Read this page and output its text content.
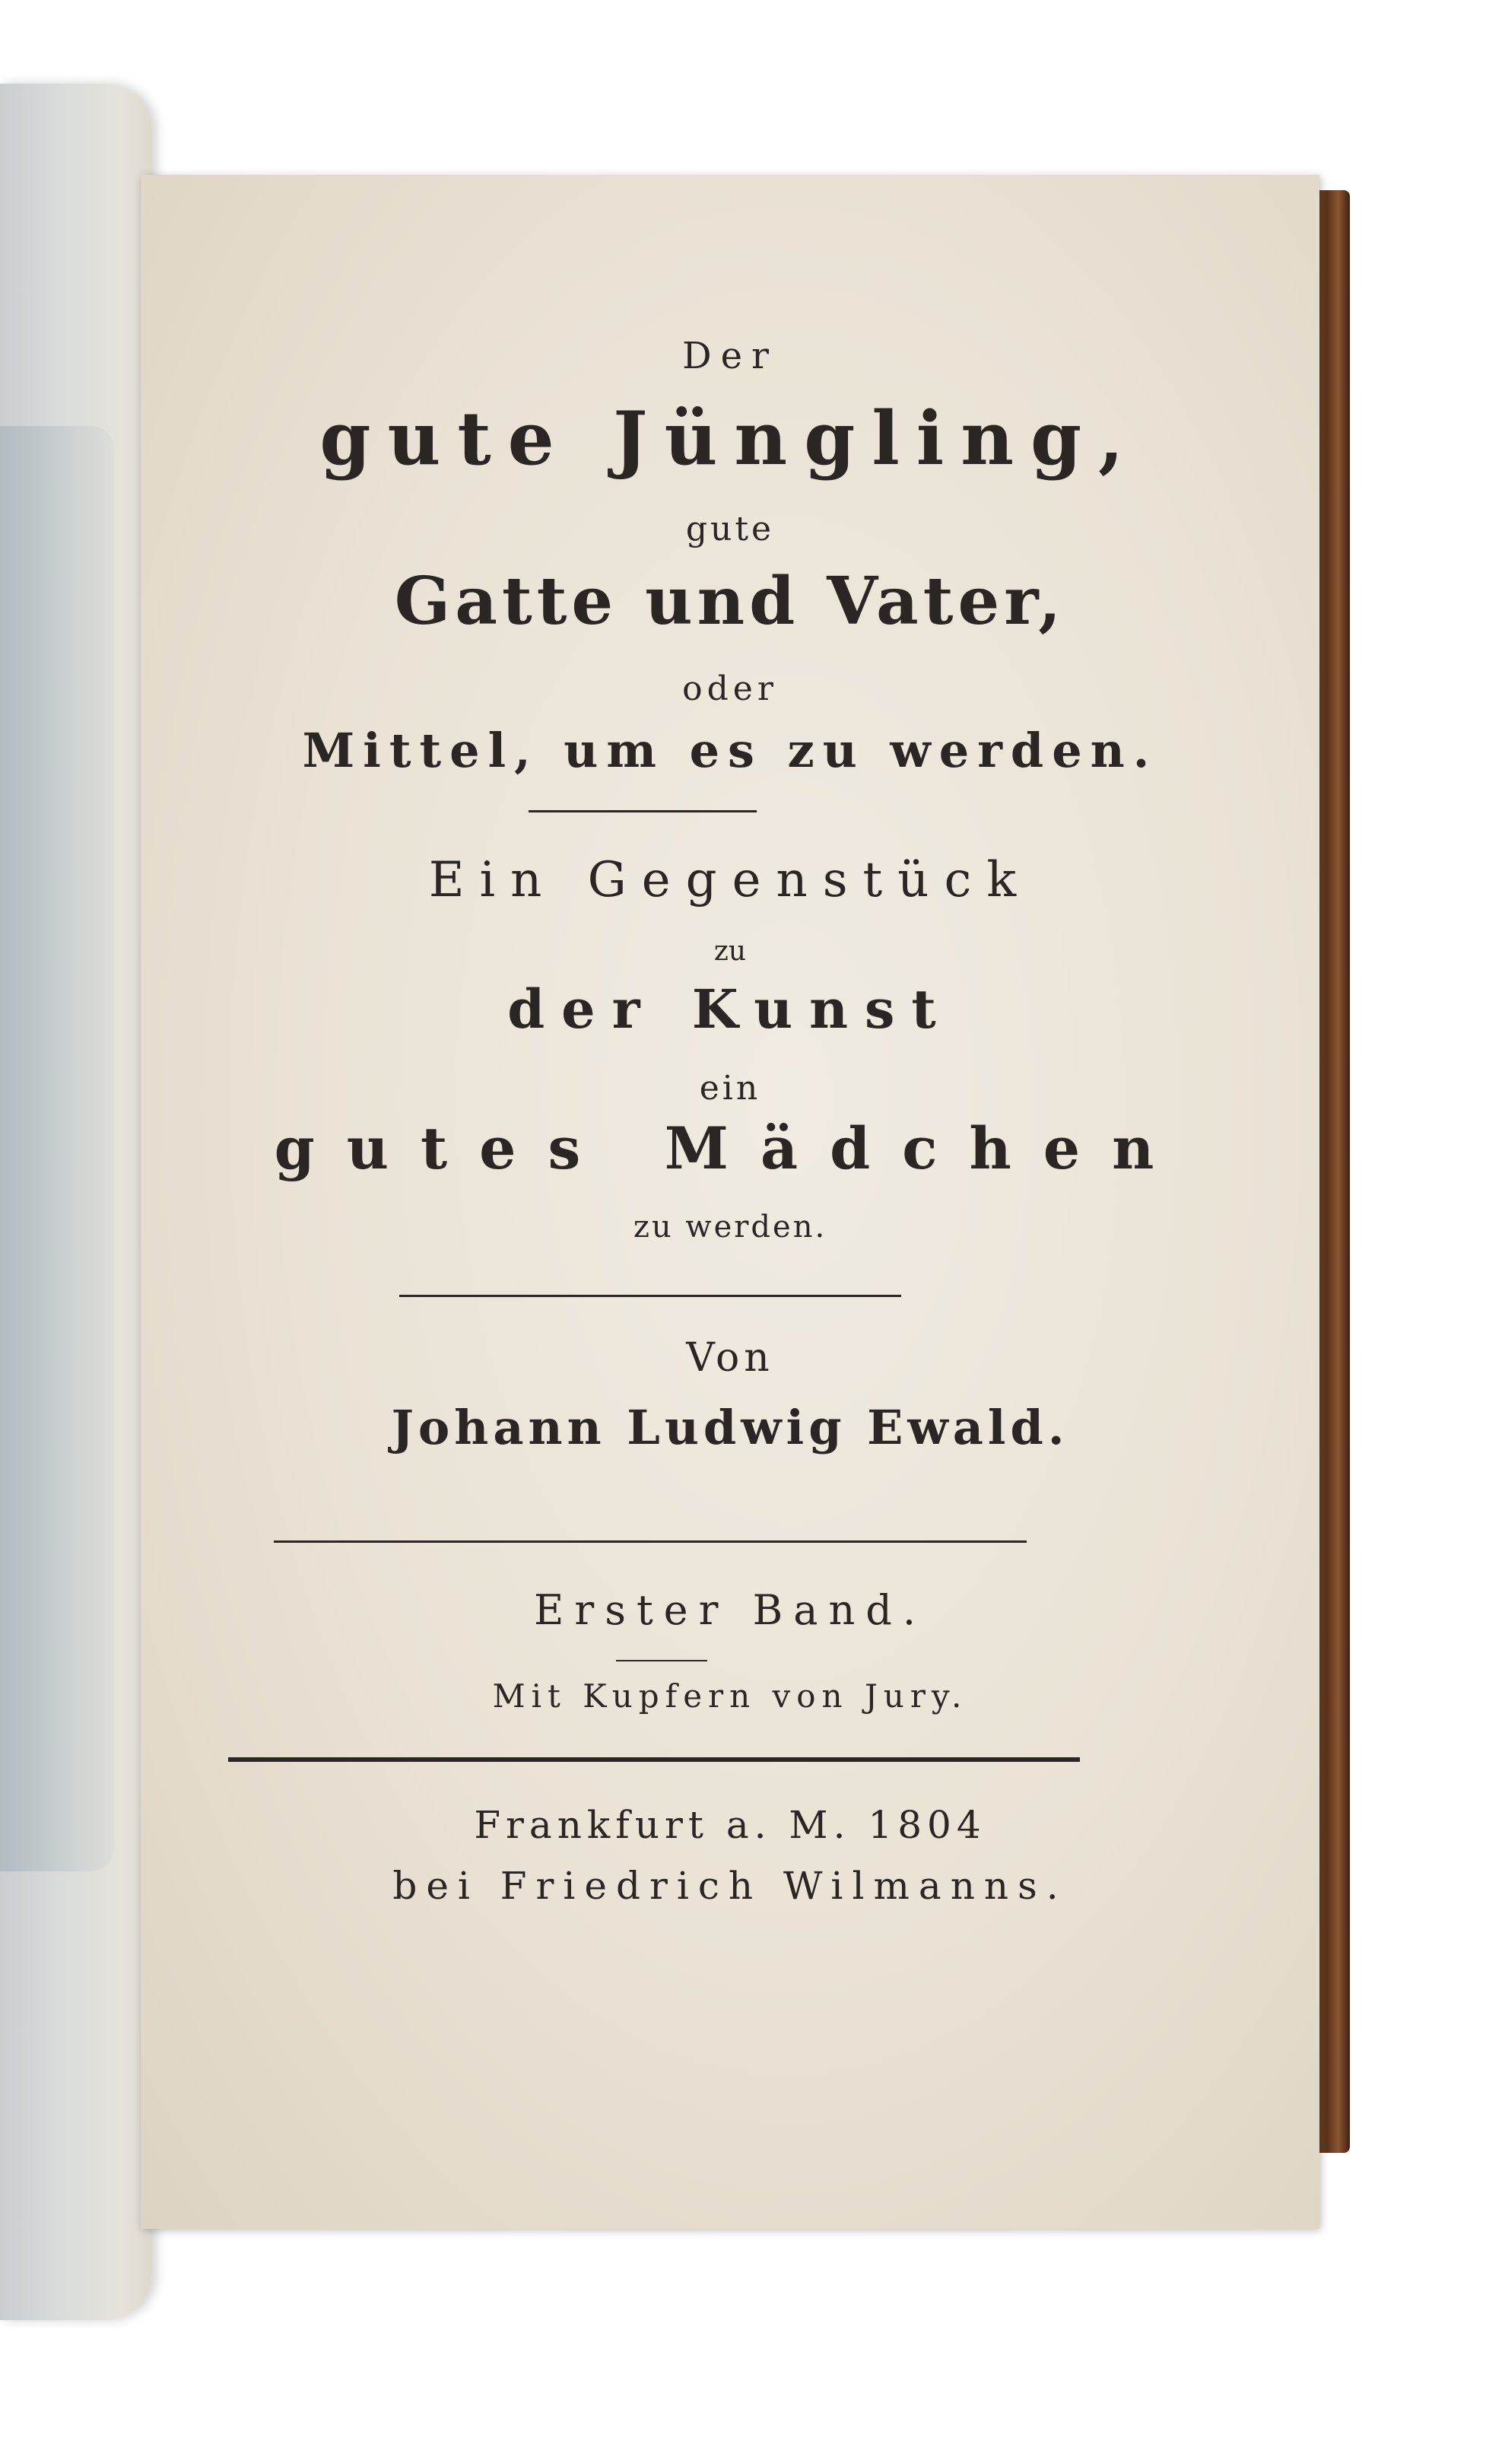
Der
gute Jüngling,
gute
Gatte und Vater,
oder
Mittel, um es zu werden.
Ein Gegenstück
zu
der Kunst
ein
gutes Mädchen
zu werden.
Von
Johann Ludwig Ewald.
Erster Band.
Mit Kupfern von Jury.
Frankfurt a. M. 1804
bei Friedrich Wilmanns.
